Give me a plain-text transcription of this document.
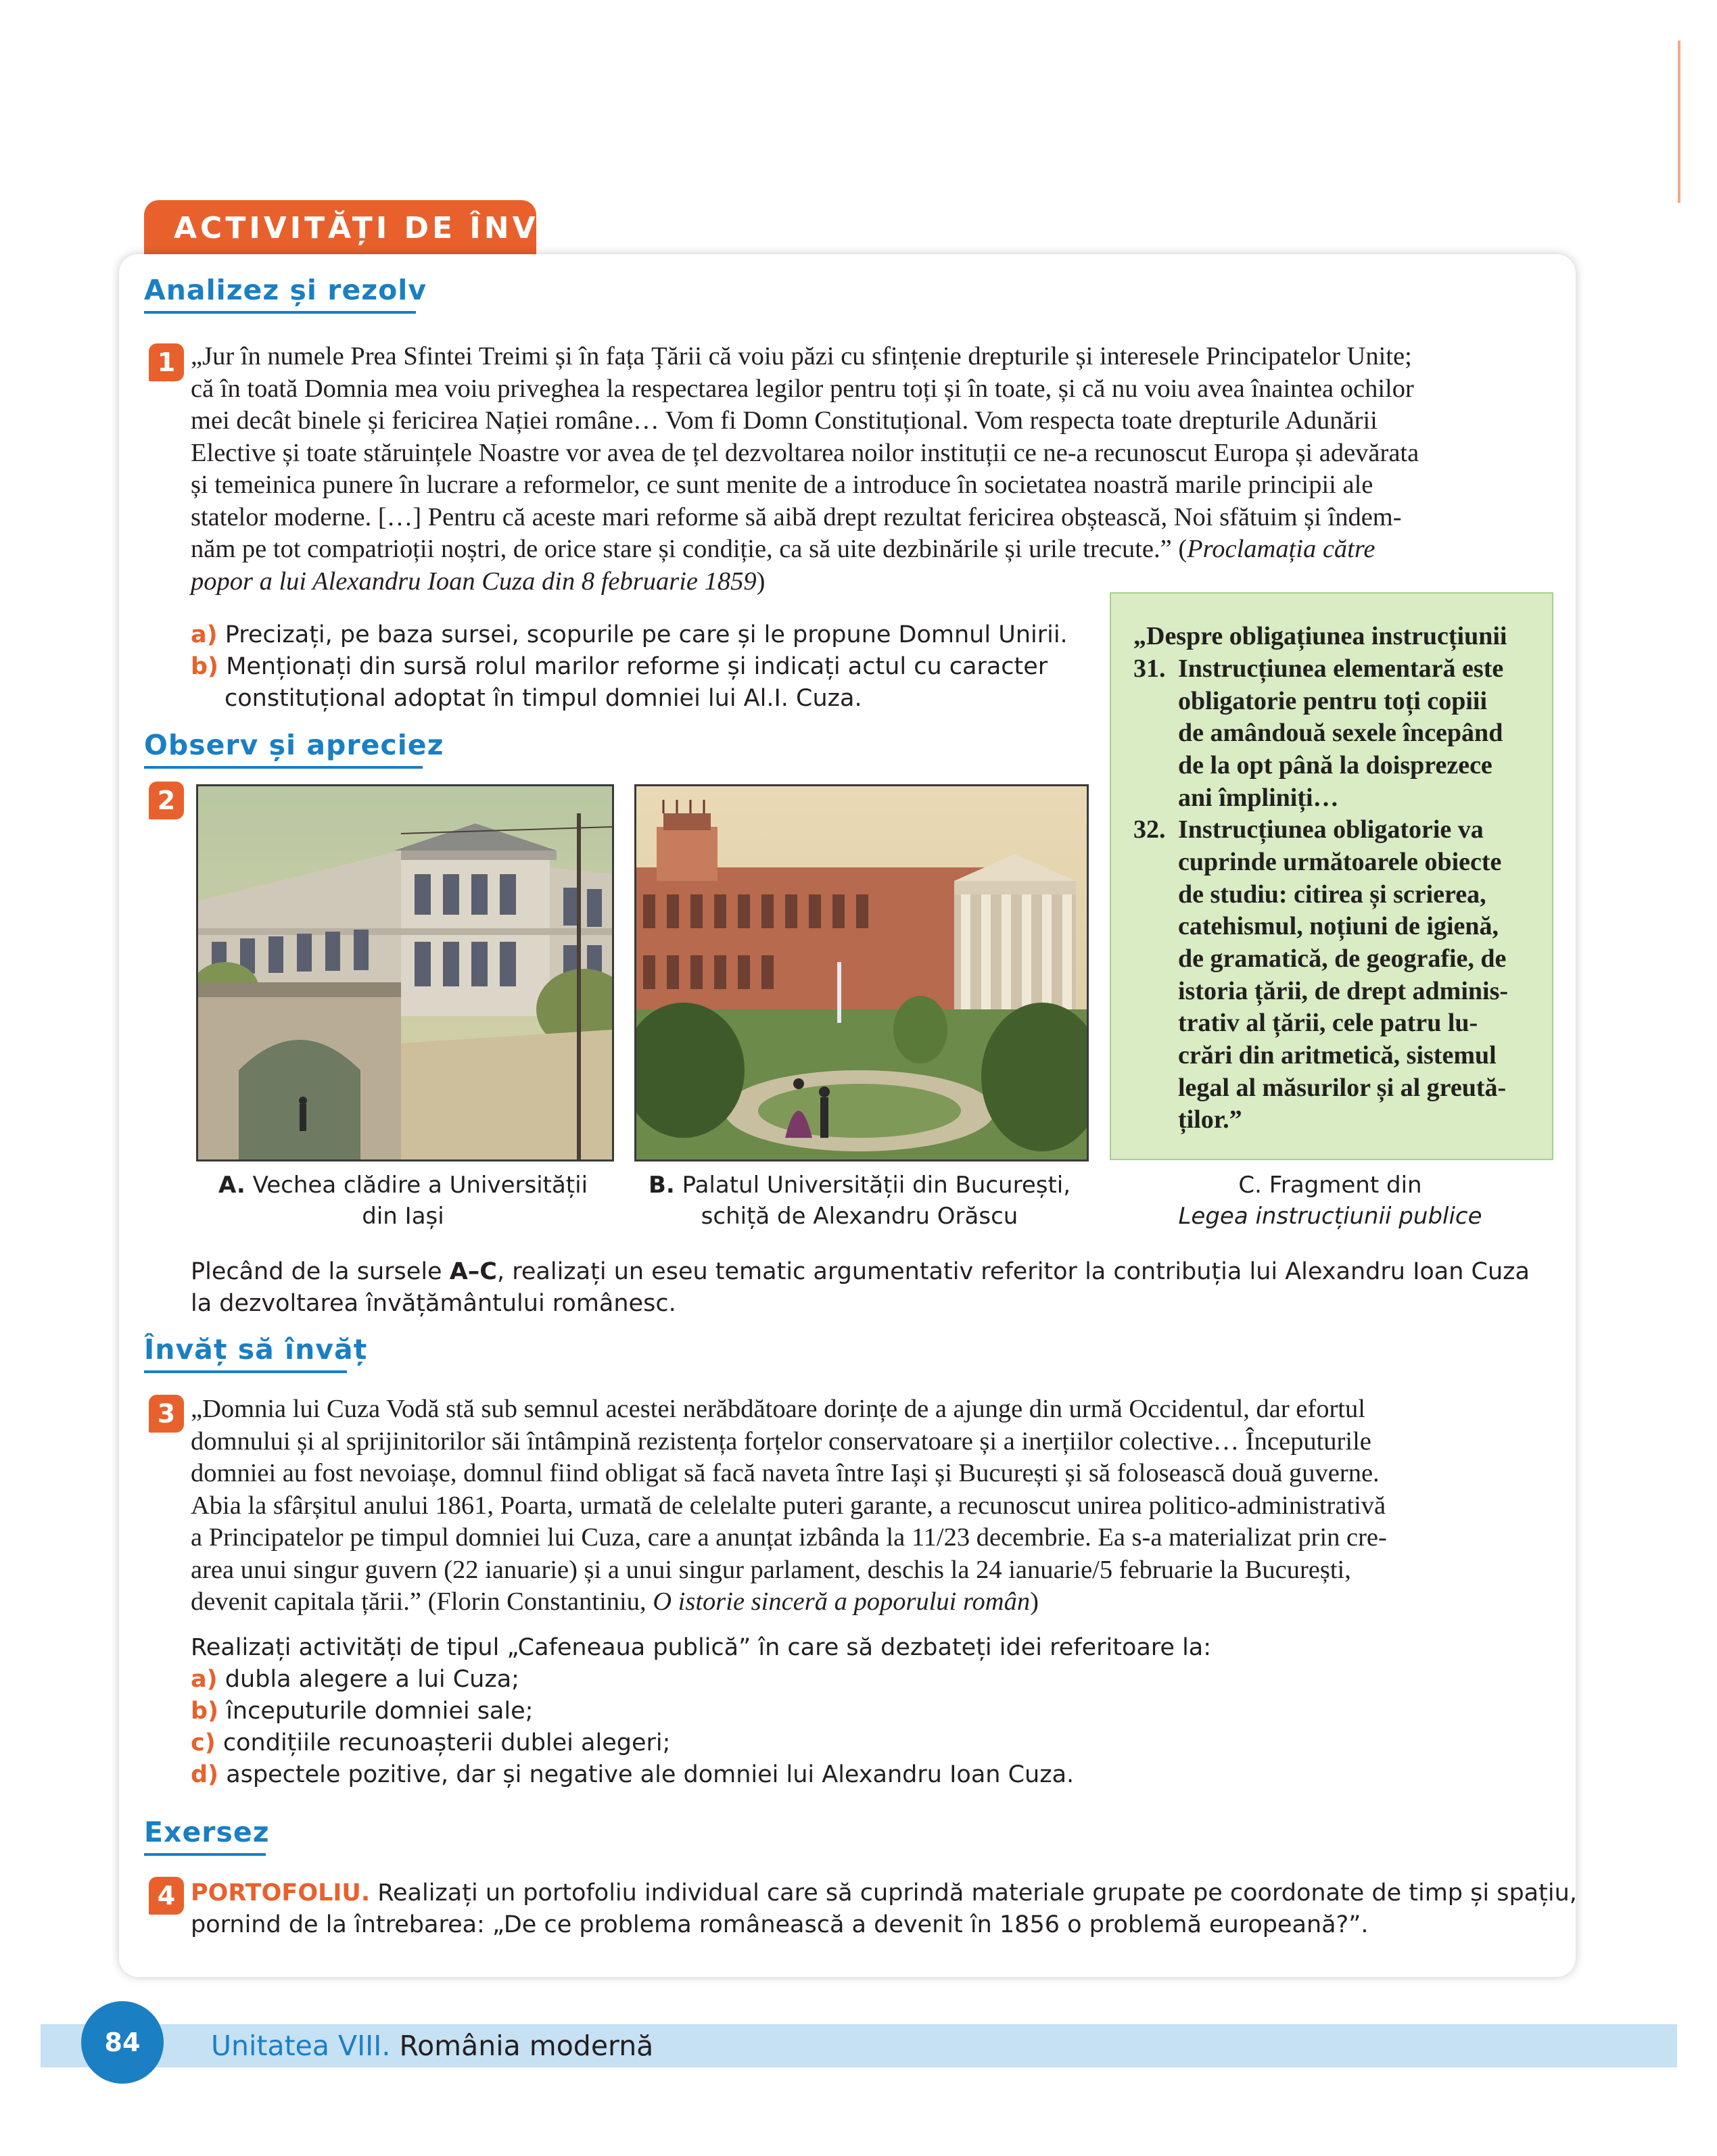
ACTIVITĂȚI DE ÎNVĂȚARE
Analizez și rezolv
1 „Jur în numele Prea Sfintei Treimi și în fața Țării că voiu păzi cu sfințenie drepturile și interesele Principatelor Unite;
că în toată Domnia mea voiu priveghea la respectarea legilor pentru toți și în toate, și că nu voiu avea înaintea ochilor
mei decât binele și fericirea Nației române… Vom fi Domn Constituțional. Vom respecta toate drepturile Adunării
Elective și toate stăruințele Noastre vor avea de țel dezvoltarea noilor instituții ce ne-a recunoscut Europa și adevărata
și temeinica punere în lucrare a reformelor, ce sunt menite de a introduce în societatea noastră marile principii ale
statelor moderne. […] Pentru că aceste mari reforme să aibă drept rezultat fericirea obștească, Noi sfătuim și îndem-
năm pe tot compatrioții noștri, de orice stare și condiție, ca să uite dezbinările și urile trecute.” (Proclamația către
popor a lui Alexandru Ioan Cuza din 8 februarie 1859)
a) Precizați, pe baza sursei, scopurile pe care și le propune Domnul Unirii.
b) Menționați din sursă rolul marilor reforme și indicați actul cu caracter
constituțional adoptat în timpul domniei lui Al.I. Cuza.
Observ și apreciez
2
„Despre obligațiunea instrucțiunii
31. Instrucțiunea elementară este
obligatorie pentru toți copiii
de amândouă sexele începând
de la opt până la doisprezece
ani împliniți…
32. Instrucțiunea obligatorie va
cuprinde următoarele obiecte
de studiu: citirea și scrierea,
catehismul, noțiuni de igienă,
de gramatică, de geografie, de
istoria țării, de drept adminis-
trativ al țării, cele patru lu-
crări din aritmetică, sistemul
legal al măsurilor și al greută-
ților.”
A. Vechea clădire a Universității
din Iași
B. Palatul Universității din București,
schiță de Alexandru Orăscu
C. Fragment din
Legea instrucțiunii publice
Plecând de la sursele A–C, realizați un eseu tematic argumentativ referitor la contribuția lui Alexandru Ioan Cuza
la dezvoltarea învățământului românesc.
Învăț să învăț
3 „Domnia lui Cuza Vodă stă sub semnul acestei nerăbdătoare dorințe de a ajunge din urmă Occidentul, dar efortul
domnului și al sprijinitorilor săi întâmpină rezistența forțelor conservatoare și a inerțiilor colective… Începuturile
domniei au fost nevoiașe, domnul fiind obligat să facă naveta între Iași și București și să folosească două guverne.
Abia la sfârșitul anului 1861, Poarta, urmată de celelalte puteri garante, a recunoscut unirea politico-administrativă
a Principatelor pe timpul domniei lui Cuza, care a anunțat izbânda la 11/23 decembrie. Ea s-a materializat prin cre-
area unui singur guvern (22 ianuarie) și a unui singur parlament, deschis la 24 ianuarie/5 februarie la București,
devenit capitala țării.” (Florin Constantiniu, O istorie sinceră a poporului român)
Realizați activități de tipul „Cafeneaua publică” în care să dezbateți idei referitoare la:
a) dubla alegere a lui Cuza;
b) începuturile domniei sale;
c) condițiile recunoașterii dublei alegeri;
d) aspectele pozitive, dar și negative ale domniei lui Alexandru Ioan Cuza.
Exersez
4 PORTOFOLIU. Realizați un portofoliu individual care să cuprindă materiale grupate pe coordonate de timp și spațiu,
pornind de la întrebarea: „De ce problema românească a devenit în 1856 o problemă europeană?”.
84	Unitatea VIII. România modernă
